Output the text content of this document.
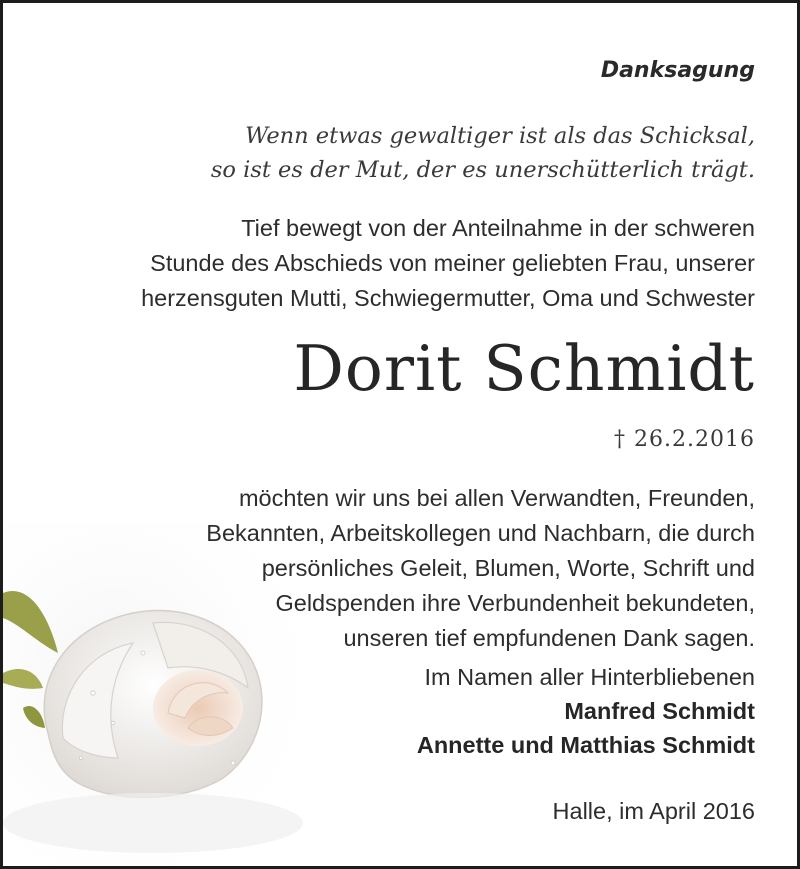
Danksagung
Wenn etwas gewaltiger ist als das Schicksal,
so ist es der Mut, der es unerschütterlich trägt.
Tief bewegt von der Anteilnahme in der schweren
Stunde des Abschieds von meiner geliebten Frau, unserer
herzensguten Mutti, Schwiegermutter, Oma und Schwester
Dorit Schmidt
† 26.2.2016
möchten wir uns bei allen Verwandten, Freunden,
Bekannten, Arbeitskollegen und Nachbarn, die durch
persönliches Geleit, Blumen, Worte, Schrift und
Geldspenden ihre Verbundenheit bekundeten,
unseren tief empfundenen Dank sagen.
Im Namen aller Hinterbliebenen
Manfred Schmidt
Annette und Matthias Schmidt
Halle, im April 2016
